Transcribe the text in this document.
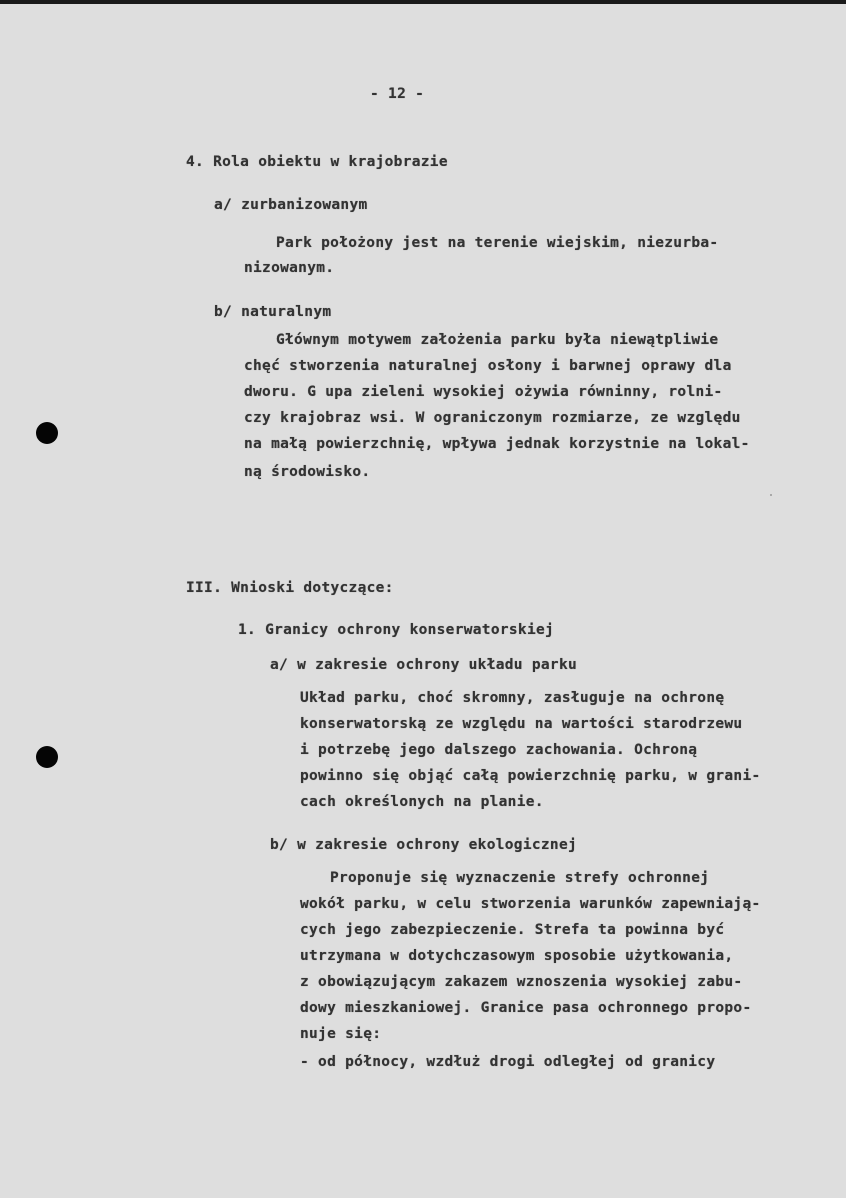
- 12 -
4. Rola obiektu w krajobrazie
a/ zurbanizowanym
Park położony jest na terenie wiejskim, niezurba-
nizowanym.
b/ naturalnym
Głównym motywem założenia parku była niewątpliwie
chęć stworzenia naturalnej osłony i barwnej oprawy dla
dworu. G upa zieleni wysokiej ożywia równinny, rolni-
czy krajobraz wsi. W ograniczonym rozmiarze, ze względu
na małą powierzchnię, wpływa jednak korzystnie na lokal-
ną środowisko.
III. Wnioski dotyczące:
1. Granicy ochrony konserwatorskiej
a/ w zakresie ochrony układu parku
Układ parku, choć skromny, zasługuje na ochronę
konserwatorską ze względu na wartości starodrzewu
i potrzebę jego dalszego zachowania. Ochroną
powinno się objąć całą powierzchnię parku, w grani-
cach określonych na planie.
b/ w zakresie ochrony ekologicznej
Proponuje się wyznaczenie strefy ochronnej
wokół parku, w celu stworzenia warunków zapewniają-
cych jego zabezpieczenie. Strefa ta powinna być
utrzymana w dotychczasowym sposobie użytkowania,
z obowiązującym zakazem wznoszenia wysokiej zabu-
dowy mieszkaniowej. Granice pasa ochronnego propo-
nuje się:
- od północy, wzdłuż drogi odległej od granicy
